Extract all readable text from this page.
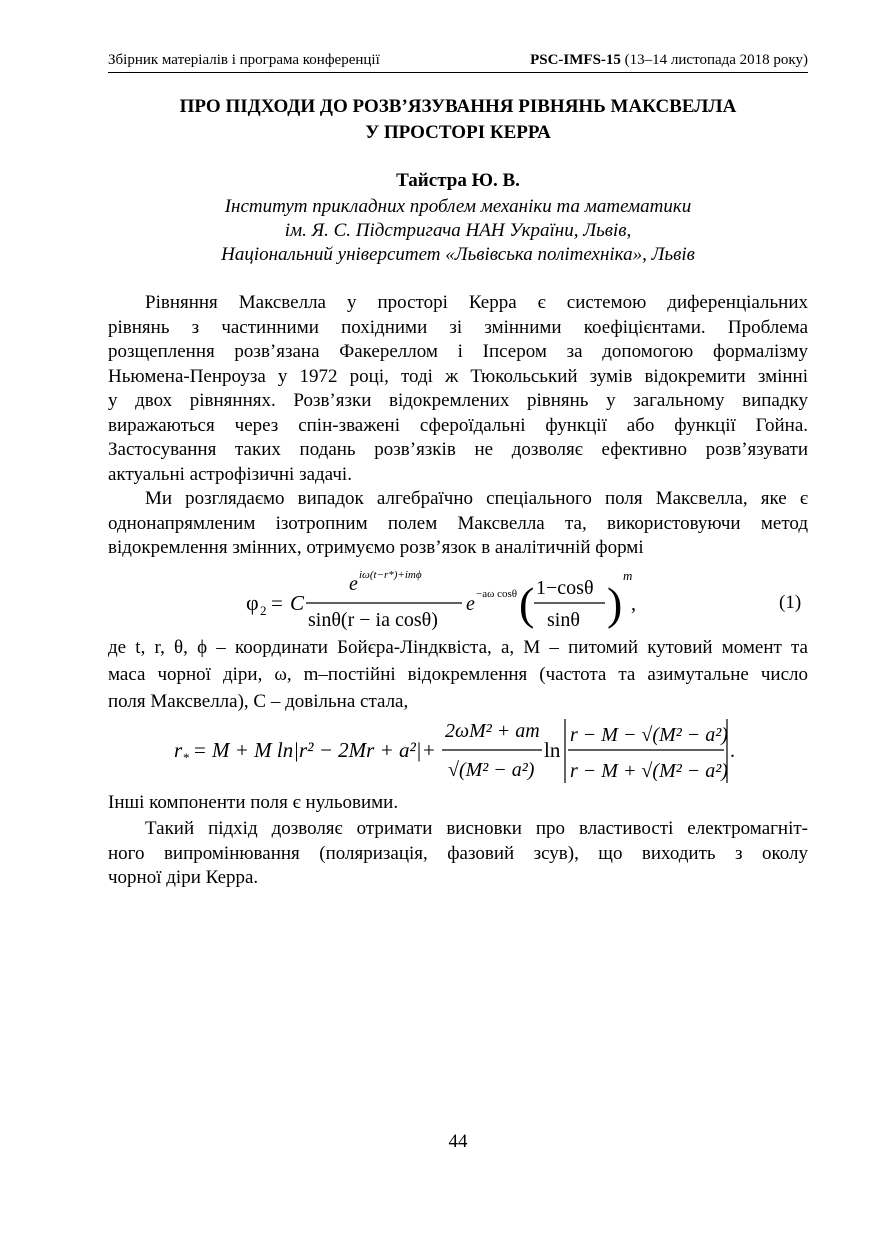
Збірник матеріалів і програма конференції	PSC-IMFS-15 (13–14 листопада 2018 року)
ПРО ПІДХОДИ ДО РОЗВ’ЯЗУВАННЯ РІВНЯНЬ МАКСВЕЛЛА
У ПРОСТОРІ КЕРРА
Тайстра Ю. В.
Інститут прикладних проблем механіки та математики
ім. Я. С. Підстригача НАН України, Львів,
Національний університет «Львівська політехніка», Львів
Рівняння Максвелла у просторі Керра є системою диференціальних
рівнянь з частинними похідними зі змінними коефіцієнтами. Проблема
розщеплення розв’язана Факереллом і Іпсером за допомогою формалізму
Ньюмена-Пенроуза у 1972 році, тоді ж Тюкольський зумів відокремити змінні
у двох рівняннях. Розв’язки відокремлених рівнянь у загальному випадку
виражаються через спін-зважені сфероїдальні функції або функції Гойна.
Застосування таких подань розв’язків не дозволяє ефективно розв’язувати
актуальні астрофізичні задачі.
Ми розглядаємо випадок алгебраїчно спеціального поля Максвелла, яке є
однонапрямленим ізотропним полем Максвелла та, використовуючи метод
відокремлення змінних, отримуємо розв’язок в аналітичній формі
φ 2 = C
e iω(t−r*)+imϕ
sinθ(r − ia cosθ)
e −aω cosθ ( 1−cosθ
sinθ )
m
,	(1)
де t, r, θ, ϕ – координати Бойєра-Ліндквіста, a, M – питомий кутовий момент та
маса чорної діри, ω, m–постійні відокремлення (частота та азимутальне число
поля Максвелла), C – довільна стала,
r * = M + M ln|r² − 2Mr + a²| +
2ωM² + am
√(M² − a²)
ln
r − M − √(M² − a²)
r − M + √(M² − a²)
.
Інші компоненти поля є нульовими.
Такий підхід дозволяє отримати висновки про властивості електромагніт-
ного випромінювання (поляризація, фазовий зсув), що виходить з околу
чорної діри Керра.
44
